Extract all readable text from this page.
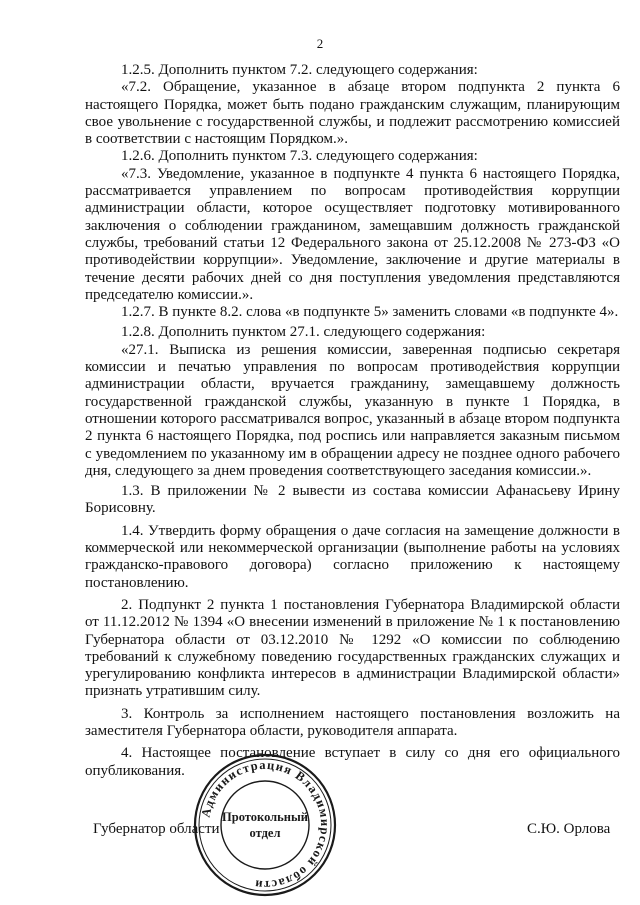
2

1.2.5. Дополнить пунктом 7.2. следующего содержания:

«7.2. Обращение, указанное в абзаце втором подпункта 2 пункта 6 настоящего Порядка, может быть подано гражданским служащим, планирующим свое увольнение с государственной службы, и подлежит рассмотрению комиссией в соответствии с настоящим Порядком.».

1.2.6. Дополнить пунктом 7.3. следующего содержания:

«7.3. Уведомление, указанное в подпункте 4 пункта 6 настоящего Порядка, рассматривается управлением по вопросам противодействия коррупции администрации области, которое осуществляет подготовку мотивированного заключения о соблюдении гражданином, замещавшим должность гражданской службы, требований статьи 12 Федерального закона от 25.12.2008 № 273-ФЗ «О противодействии коррупции». Уведомление, заключение и другие материалы в течение десяти рабочих дней со дня поступления уведомления представляются председателю комиссии.».

1.2.7. В пункте 8.2. слова «в подпункте 5» заменить словами «в подпункте 4».

1.2.8. Дополнить пунктом 27.1. следующего содержания:

«27.1. Выписка из решения комиссии, заверенная подписью секретаря комиссии и печатью управления по вопросам противодействия коррупции администрации области, вручается гражданину, замещавшему должность государственной гражданской службы, указанную в пункте 1 Порядка, в отношении которого рассматривался вопрос, указанный в абзаце втором подпункта 2 пункта 6 настоящего Порядка, под роспись или направляется заказным письмом с уведомлением по указанному им в обращении адресу не позднее одного рабочего дня, следующего за днем проведения соответствующего заседания комиссии.».

1.3. В приложении № 2 вывести из состава комиссии Афанасьеву Ирину Борисовну.

1.4. Утвердить форму обращения о даче согласия на замещение должности в коммерческой или некоммерческой организации (выполнение работы на условиях гражданско-правового договора) согласно приложению к настоящему постановлению.

2. Подпункт 2 пункта 1 постановления Губернатора Владимирской области от 11.12.2012 № 1394 «О внесении изменений в приложение № 1 к постановлению Губернатора области от 03.12.2010 № 1292 «О комиссии по соблюдению требований к служебному поведению государственных гражданских служащих и урегулированию конфликта интересов в администрации Владимирской области» признать утратившим силу.

3. Контроль за исполнением настоящего постановления возложить на заместителя Губернатора области, руководителя аппарата.

4. Настоящее постановление вступает в силу со дня его официального опубликования.

Губернатор области	С.Ю. Орлова
Администрация Владимирской области
Протокольный
отдел
